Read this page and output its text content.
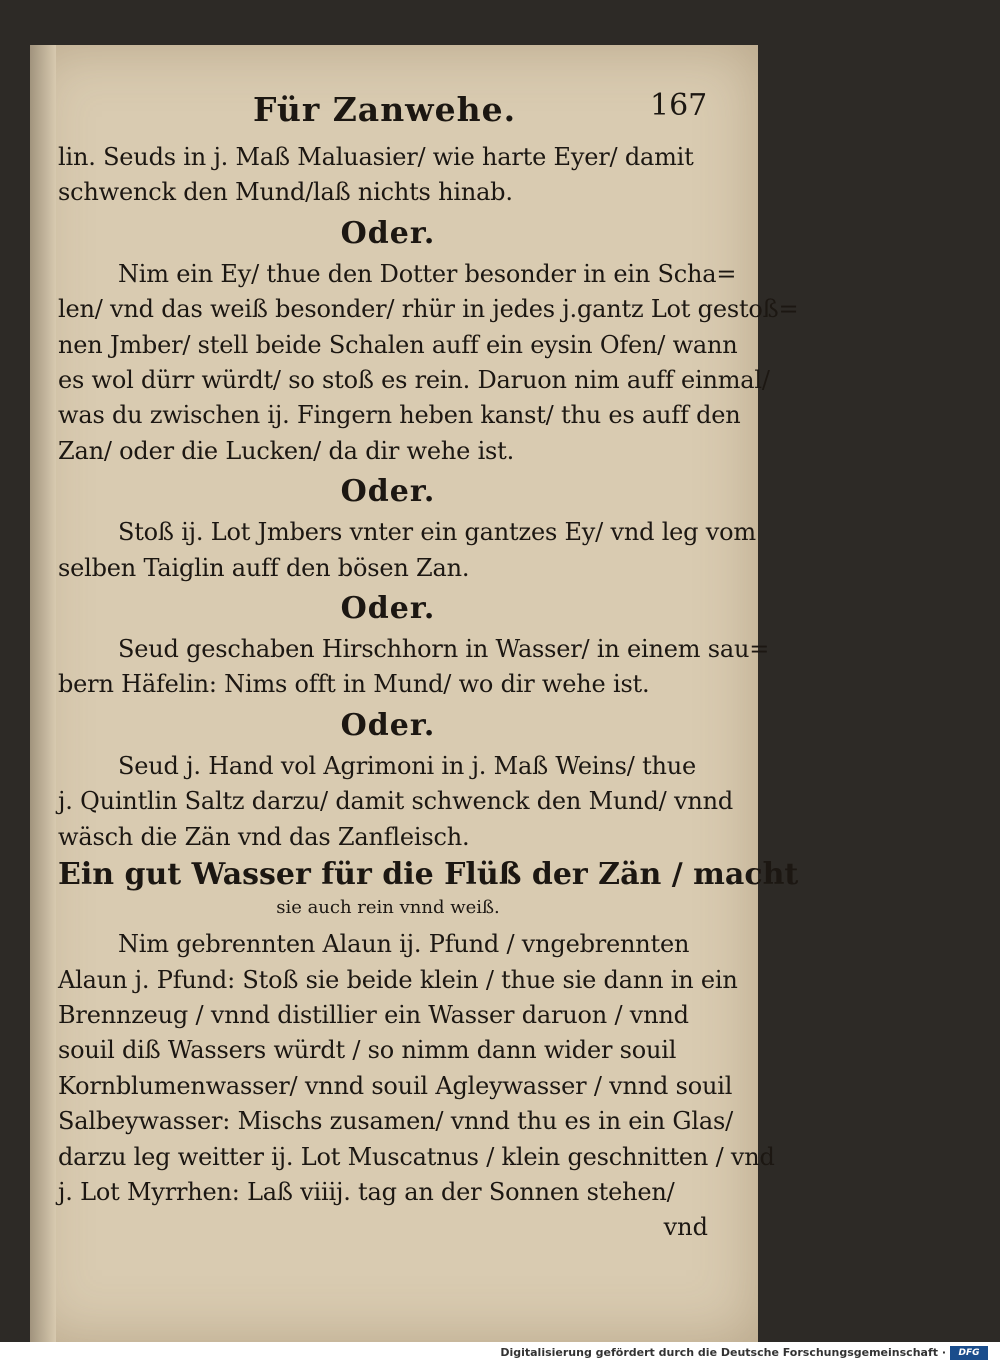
Für Zanwehe.	167
lin. Seuds in j. Maß Maluasier/ wie harte Eyer/ damit
schwenck den Mund/laß nichts hinab.
Oder.
Nim ein Ey/ thue den Dotter besonder in ein Scha=
len/ vnd das weiß besonder/ rhür in jedes j.gantz Lot gestoß=
nen Jmber/ stell beide Schalen auff ein eysin Ofen/ wann
es wol dürr würdt/ so stoß es rein. Daruon nim auff einmal/
was du zwischen ij. Fingern heben kanst/ thu es auff den
Zan/ oder die Lucken/ da dir wehe ist.
Oder.
Stoß ij. Lot Jmbers vnter ein gantzes Ey/ vnd leg vom
selben Taiglin auff den bösen Zan.
Oder.
Seud geschaben Hirschhorn in Wasser/ in einem sau=
bern Häfelin: Nims offt in Mund/ wo dir wehe ist.
Oder.
Seud j. Hand vol Agrimoni in j. Maß Weins/ thue
j. Quintlin Saltz darzu/ damit schwenck den Mund/ vnnd
wäsch die Zän vnd das Zanfleisch.
Ein gut Wasser für die Flüß der Zän / macht
sie auch rein vnnd weiß.
Nim gebrennten Alaun ij. Pfund / vngebrennten
Alaun j. Pfund: Stoß sie beide klein / thue sie dann in ein
Brennzeug / vnnd distillier ein Wasser daruon / vnnd
souil diß Wassers würdt / so nimm dann wider souil
Kornblumenwasser/ vnnd souil Agleywasser / vnnd souil
Salbeywasser: Mischs zusamen/ vnnd thu es in ein Glas/
darzu leg weitter ij. Lot Muscatnus / klein geschnitten / vnd
j. Lot Myrrhen: Laß viiij. tag an der Sonnen stehen/
vnd
Digitalisierung gefördert durch die Deutsche Forschungsgemeinschaft ·	DFG
